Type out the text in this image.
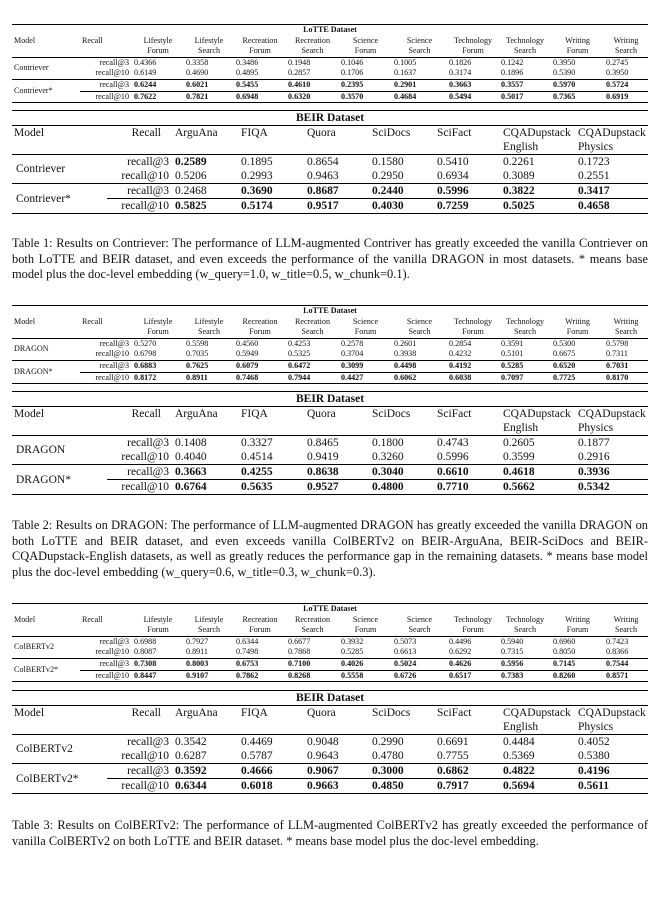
LoTTE Dataset											
Model	Recall	Lifestyle	Lifestyle	Recreation	Recreation	Science	Science	Technology	Technology	Writing	Writing
		Forum	Search	Forum	Search	Forum	Search	Forum	Search	Forum	Search
Contriever	recall@3	0.4366	0.3358	0.3486	0.1948	0.1046	0.1005	0.1826	0.1242	0.3950	0.2745
	recall@10	0.6149	0.4690	0.4895	0.2857	0.1706	0.1637	0.3174	0.1896	0.5390	0.3950
Contriever*	recall@3	0.6244	0.6021	0.5455	0.4610	0.2395	0.2901	0.3663	0.3557	0.5970	0.5724
	recall@10	0.7622	0.7821	0.6948	0.6320	0.3570	0.4684	0.5494	0.5017	0.7365	0.6919
BEIR Dataset								
Model	Recall	ArguAna	FIQA	Quora	SciDocs	SciFact	CQADupstack	CQADupstack
							English	Physics
Contriever	recall@3	0.2589	0.1895	0.8654	0.1580	0.5410	0.2261	0.1723
	recall@10	0.5206	0.2993	0.9463	0.2950	0.6934	0.3089	0.2551
Contriever*	recall@3	0.2468	0.3690	0.8687	0.2440	0.5996	0.3822	0.3417
	recall@10	0.5825	0.5174	0.9517	0.4030	0.7259	0.5025	0.4658
Table 1: Results on Contriever: The performance of LLM-augmented Contriver has greatly exceeded the vanilla Contriever on both LoTTE and BEIR dataset, and even exceeds the performance of the vanilla DRAGON in most datasets. * means base model plus the doc-level embedding (w_query=1.0, w_title=0.5, w_chunk=0.1).
LoTTE Dataset											
Model	Recall	Lifestyle	Lifestyle	Recreation	Recreation	Science	Science	Technology	Technology	Writing	Writing
		Forum	Search	Forum	Search	Forum	Search	Forum	Search	Forum	Search
DRAGON	recall@3	0.5270	0.5598	0.4560	0.4253	0.2578	0.2601	0.2854	0.3591	0.5300	0.5798
	recall@10	0.6798	0.7035	0.5949	0.5325	0.3704	0.3938	0.4232	0.5101	0.6675	0.7311
DRAGON*	recall@3	0.6883	0.7625	0.6079	0.6472	0.3099	0.4498	0.4192	0.5285	0.6520	0.7031
	recall@10	0.8172	0.8911	0.7468	0.7944	0.4427	0.6062	0.6038	0.7097	0.7725	0.8170
BEIR Dataset								
Model	Recall	ArguAna	FIQA	Quora	SciDocs	SciFact	CQADupstack	CQADupstack
							English	Physics
DRAGON	recall@3	0.1408	0.3327	0.8465	0.1800	0.4743	0.2605	0.1877
	recall@10	0.4040	0.4514	0.9419	0.3260	0.5996	0.3599	0.2916
DRAGON*	recall@3	0.3663	0.4255	0.8638	0.3040	0.6610	0.4618	0.3936
	recall@10	0.6764	0.5635	0.9527	0.4800	0.7710	0.5662	0.5342
Table 2: Results on DRAGON: The performance of LLM-augmented DRAGON has greatly exceeded the vanilla DRAGON on both LoTTE and BEIR dataset, and even exceeds vanilla ColBERTv2 on BEIR-ArguAna, BEIR-SciDocs and BEIR-CQADupstack-English datasets, as well as greatly reduces the performance gap in the remaining datasets. * means base model plus the doc-level embedding (w_query=0.6, w_title=0.3, w_chunk=0.3).
LoTTE Dataset											
Model	Recall	Lifestyle	Lifestyle	Recreation	Recreation	Science	Science	Technology	Technology	Writing	Writing
		Forum	Search	Forum	Search	Forum	Search	Forum	Search	Forum	Search
ColBERTv2	recall@3	0.6988	0.7927	0.6344	0.6677	0.3932	0.5073	0.4496	0.5940	0.6960	0.7423
	recall@10	0.8087	0.8911	0.7498	0.7868	0.5285	0.6613	0.6292	0.7315	0.8050	0.8366
ColBERTv2*	recall@3	0.7308	0.8003	0.6753	0.7100	0.4026	0.5024	0.4626	0.5956	0.7145	0.7544
	recall@10	0.8447	0.9107	0.7862	0.8268	0.5558	0.6726	0.6517	0.7383	0.8260	0.8571
BEIR Dataset								
Model	Recall	ArguAna	FIQA	Quora	SciDocs	SciFact	CQADupstack	CQADupstack
							English	Physics
ColBERTv2	recall@3	0.3542	0.4469	0.9048	0.2990	0.6691	0.4484	0.4052
	recall@10	0.6287	0.5787	0.9643	0.4780	0.7755	0.5369	0.5380
ColBERTv2*	recall@3	0.3592	0.4666	0.9067	0.3000	0.6862	0.4822	0.4196
	recall@10	0.6344	0.6018	0.9663	0.4850	0.7917	0.5694	0.5611
Table 3: Results on ColBERTv2: The performance of LLM-augmented ColBERTv2 has greatly exceeded the performance of vanilla ColBERTv2 on both LoTTE and BEIR dataset. * means base model plus the doc-level embedding.
